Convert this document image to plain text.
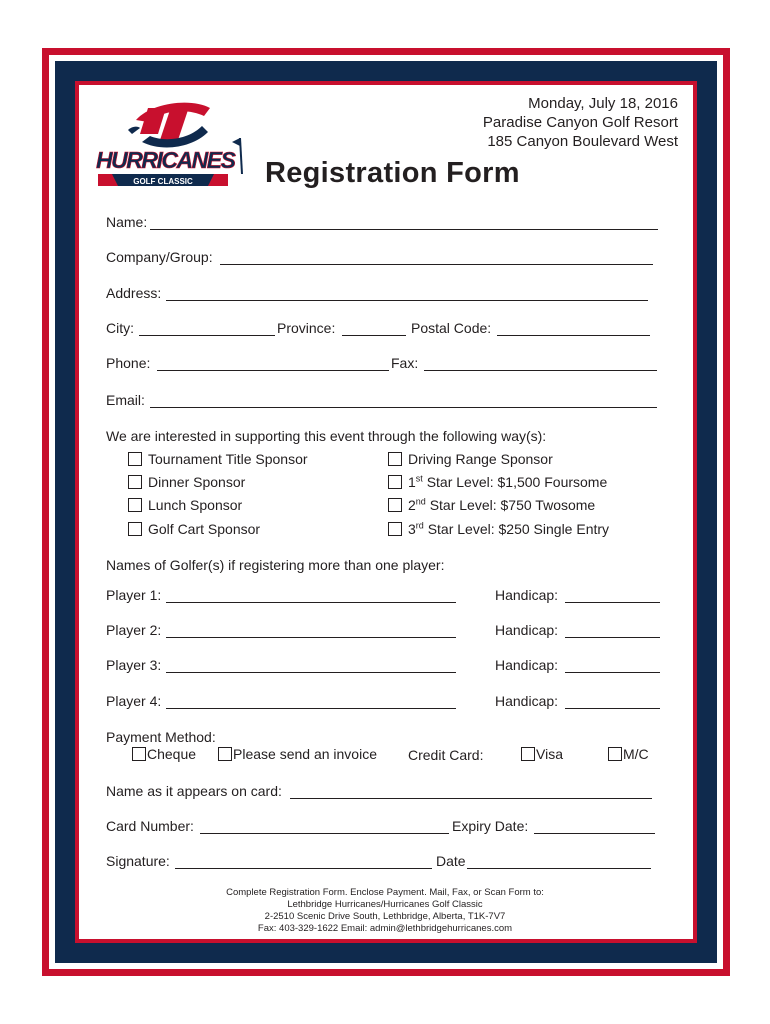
HURRICANES
GOLF CLASSIC
Monday, July 18, 2016
Paradise Canyon Golf Resort
185 Canyon Boulevard West
Registration Form
Name:
Company/Group:
Address:
City:	Province:	Postal Code:
Phone:	Fax:
Email:
We are interested in supporting this event through the following way(s):
Tournament Title Sponsor
Dinner Sponsor
Lunch Sponsor
Golf Cart Sponsor
Driving Range Sponsor
1st Star Level: $1,500 Foursome
2nd Star Level: $750 Twosome
3rd Star Level: $250 Single Entry
Names of Golfer(s) if registering more than one player:
Player 1:	Handicap:
Player 2:	Handicap:
Player 3:	Handicap:
Player 4:	Handicap:
Payment Method:
Cheque	Please send an invoice Credit Card:	Visa	M/C
Name as it appears on card:
Card Number:	Expiry Date:
Signature:	Date
Complete Registration Form. Enclose Payment. Mail, Fax, or Scan Form to:
Lethbridge Hurricanes/Hurricanes Golf Classic
2-2510 Scenic Drive South, Lethbridge, Alberta, T1K-7V7
Fax: 403-329-1622 Email: admin@lethbridgehurricanes.com
